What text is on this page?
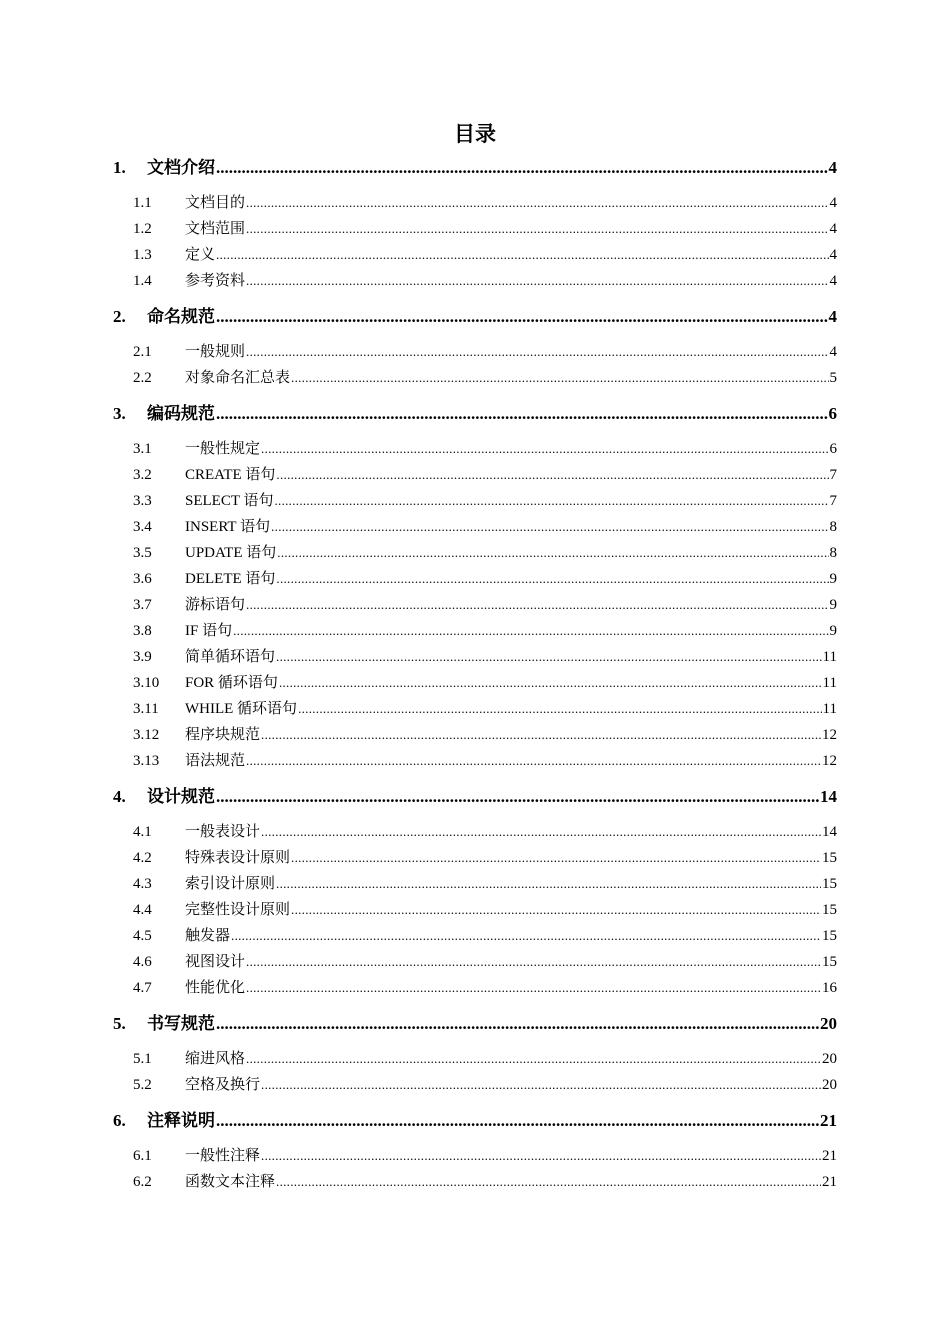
目录
1.	文档介绍 .....	4
1.1	文档目的 .....	4
1.2	文档范围 .....	4
1.3	定义 .....	4
1.4	参考资料 .....	4
2.	命名规范 .....	4
2.1	一般规则 .....	4
2.2	对象命名汇总表 .....	5
3.	编码规范 .....	6
3.1	一般性规定 .....	6
3.2	CREATE 语句 .....	7
3.3	SELECT 语句 .....	7
3.4	INSERT 语句 .....	8
3.5	UPDATE 语句 .....	8
3.6	DELETE 语句 .....	9
3.7	游标语句 .....	9
3.8	IF 语句 .....	9
3.9	简单循环语句 .....	11
3.10	FOR 循环语句 .....	11
3.11	WHILE 循环语句 .....	11
3.12	程序块规范 .....	12
3.13	语法规范 .....	12
4.	设计规范 .....	14
4.1	一般表设计 .....	14
4.2	特殊表设计原则 .....	15
4.3	索引设计原则 .....	15
4.4	完整性设计原则 .....	15
4.5	触发器 .....	15
4.6	视图设计 .....	15
4.7	性能优化 .....	16
5.	书写规范 .....	20
5.1	缩进风格 .....	20
5.2	空格及换行 .....	20
6.	注释说明 .....	21
6.1	一般性注释 .....	21
6.2	函数文本注释 .....	21
